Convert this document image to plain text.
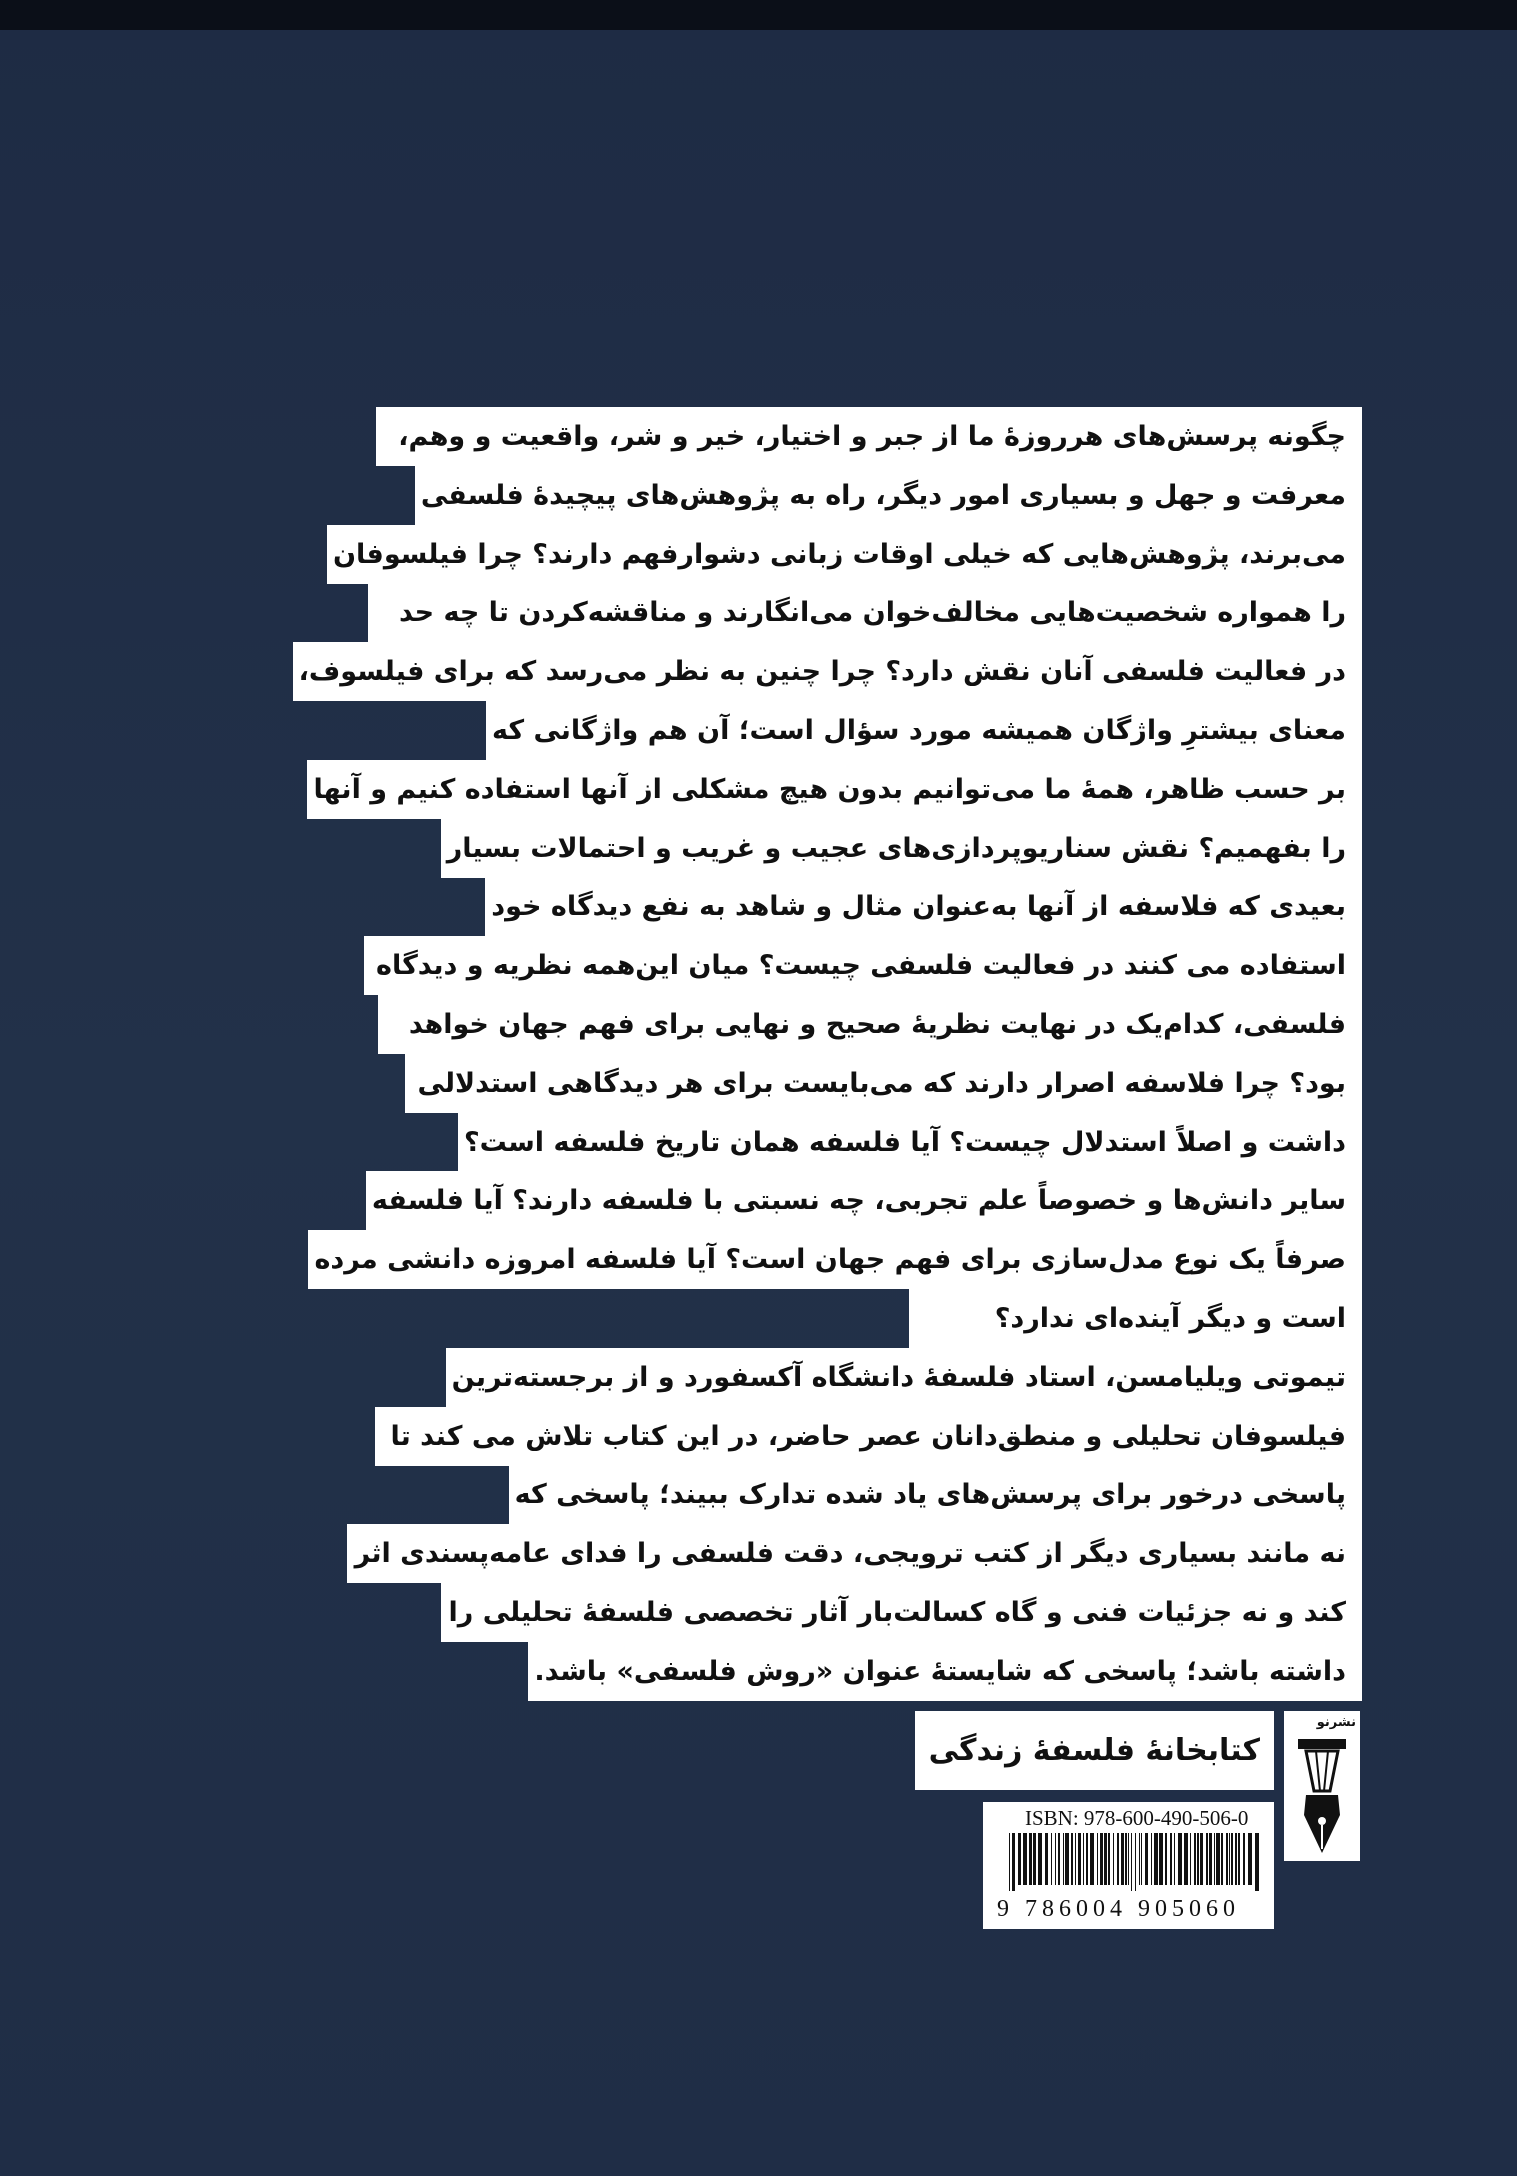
چگونه پرسش‌های هرروزهٔ ما از جبر و اختیار، خیر و شر، واقعیت و وهم،
معرفت و جهل و بسیاری امور دیگر، راه به پژوهش‌های پیچیدهٔ فلسفی
می‌برند، پژوهش‌هایی که خیلی اوقات زبانی دشوارفهم دارند؟ چرا فیلسوفان
را همواره شخصیت‌هایی مخالف‌خوان می‌انگارند و مناقشه‌کردن تا چه حد
در فعالیت فلسفی آنان نقش دارد؟ چرا چنین به نظر می‌رسد که برای فیلسوف،
معنای بیشترِ واژگان همیشه مورد سؤال است؛ آن هم واژگانی که
بر حسب ظاهر، همهٔ ما می‌توانیم بدون هیچ مشکلی از آنها استفاده کنیم و آنها
را بفهمیم؟ نقش سناریوپردازی‌های عجیب و غریب و احتمالات بسیار
بعیدی که فلاسفه از آنها به‌عنوان مثال و شاهد به نفع دیدگاه خود
استفاده می کنند در فعالیت فلسفی چیست؟ میان این‌همه نظریه و دیدگاه
فلسفی، کدام‌یک در نهایت نظریهٔ صحیح و نهایی برای فهم جهان خواهد
بود؟ چرا فلاسفه اصرار دارند که می‌بایست برای هر دیدگاهی استدلالی
داشت و اصلاً استدلال چیست؟ آیا فلسفه همان تاریخ فلسفه است؟
سایر دانش‌ها و خصوصاً علم تجربی، چه نسبتی با فلسفه دارند؟ آیا فلسفه
صرفاً یک نوع مدل‌سازی برای فهم جهان است؟ آیا فلسفه امروزه دانشی مرده
است و دیگر آینده‌ای ندارد؟
تیموتی ویلیامسن، استاد فلسفهٔ دانشگاه آکسفورد و از برجسته‌ترین
فیلسوفان تحلیلی و منطق‌دانان عصر حاضر، در این کتاب تلاش می کند تا
پاسخی درخور برای پرسش‌های یاد شده تدارک ببیند؛ پاسخی که
نه مانند بسیاری دیگر از کتب ترویجی، دقت فلسفی را فدای عامه‌پسندی اثر
کند و نه جزئیات فنی و گاه کسالت‌بار آثار تخصصی فلسفهٔ تحلیلی را
داشته باشد؛ پاسخی که شایستهٔ عنوان «روش فلسفی» باشد.
کتابخانهٔ فلسفهٔ زندگی
نشرنو
ISBN: 978-600-490-506-0
9 786004 905060
